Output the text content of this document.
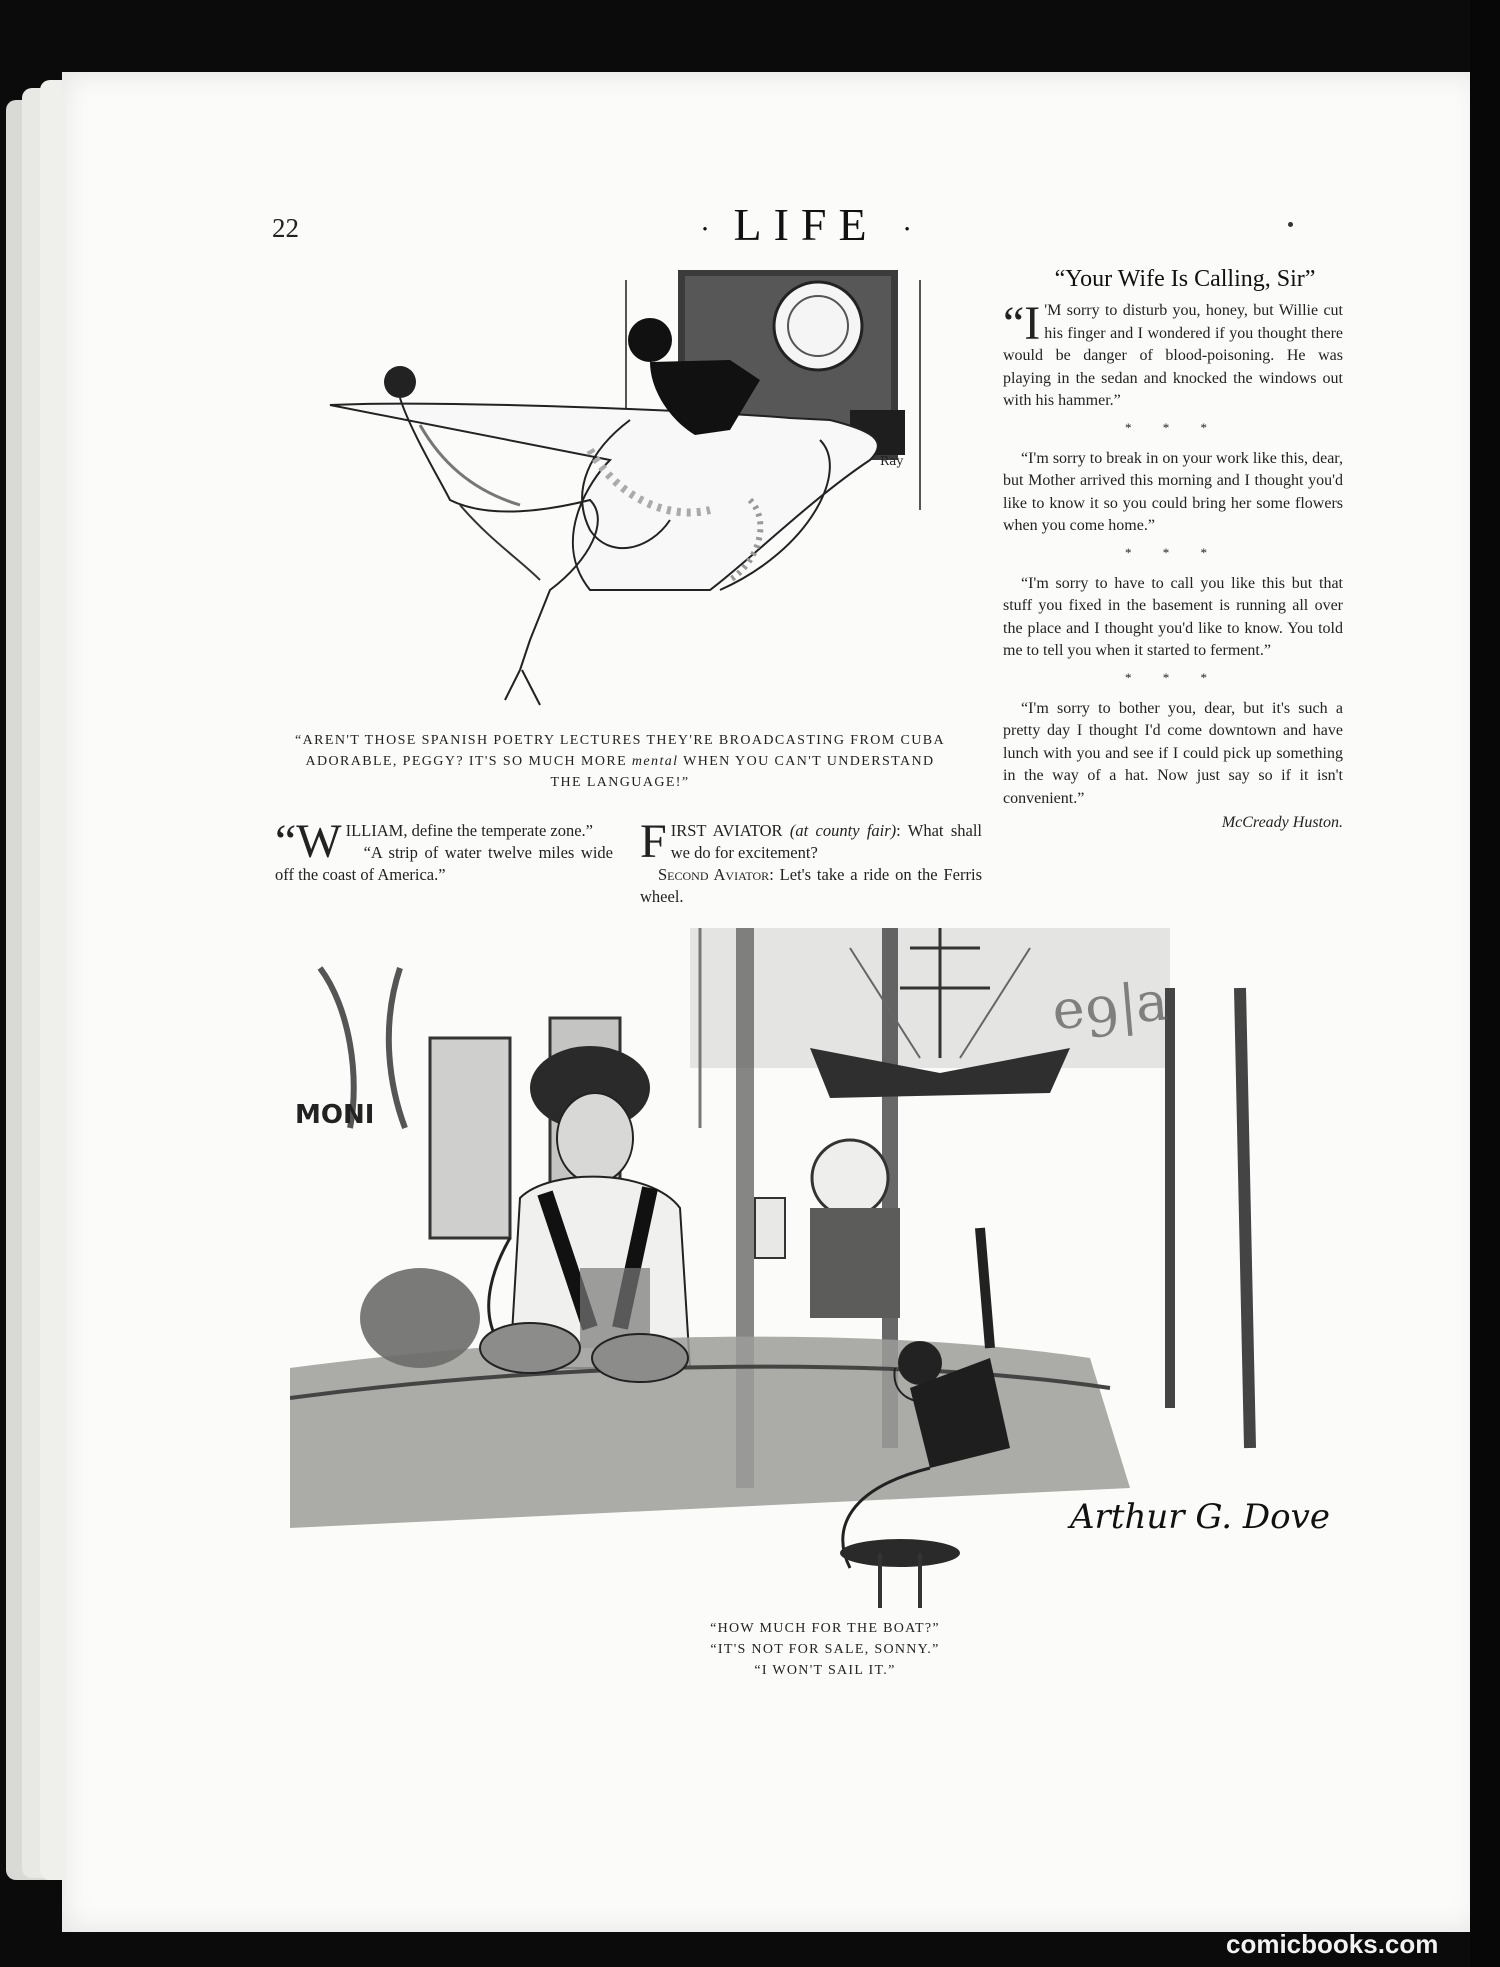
22	· LIFE ·
Ray
“AREN'T THOSE SPANISH POETRY LECTURES THEY'RE BROADCASTING FROM CUBA
ADORABLE, PEGGY? IT'S SO MUCH MORE mental WHEN YOU CAN'T UNDERSTAND
THE LANGUAGE!”
“Your Wife Is Calling, Sir”

“I 'M sorry to disturb you, honey, but Willie cut his finger and I wondered if you thought there would be danger of blood-poisoning. He was playing in the sedan and knocked the windows out with his hammer.”

* * *

“I'm sorry to break in on your work like this, dear, but Mother arrived this morning and I thought you'd like to know it so you could bring her some flowers when you come home.”

* * *

“I'm sorry to have to call you like this but that stuff you fixed in the basement is running all over the place and I thought you'd like to know. You told me to tell you when it started to ferment.”

* * *

“I'm sorry to bother you, dear, but it's such a pretty day I thought I'd come downtown and have lunch with you and see if I could pick up something in the way of a hat. Now just say so if it isn't convenient.”

McCready Huston.

“W ILLIAM, define the temperate zone.”

“A strip of water twelve miles wide off the coast of America.”

F IRST AVIATOR (at county fair): What shall we do for excitement?

Second Aviator: Let's take a ride on the Ferris wheel.

ɐ|6ǝ
MONI
Arthur G. Dove
“HOW MUCH FOR THE BOAT?”
“IT'S NOT FOR SALE, SONNY.”
“I WON'T SAIL IT.”
comicbooks.com
